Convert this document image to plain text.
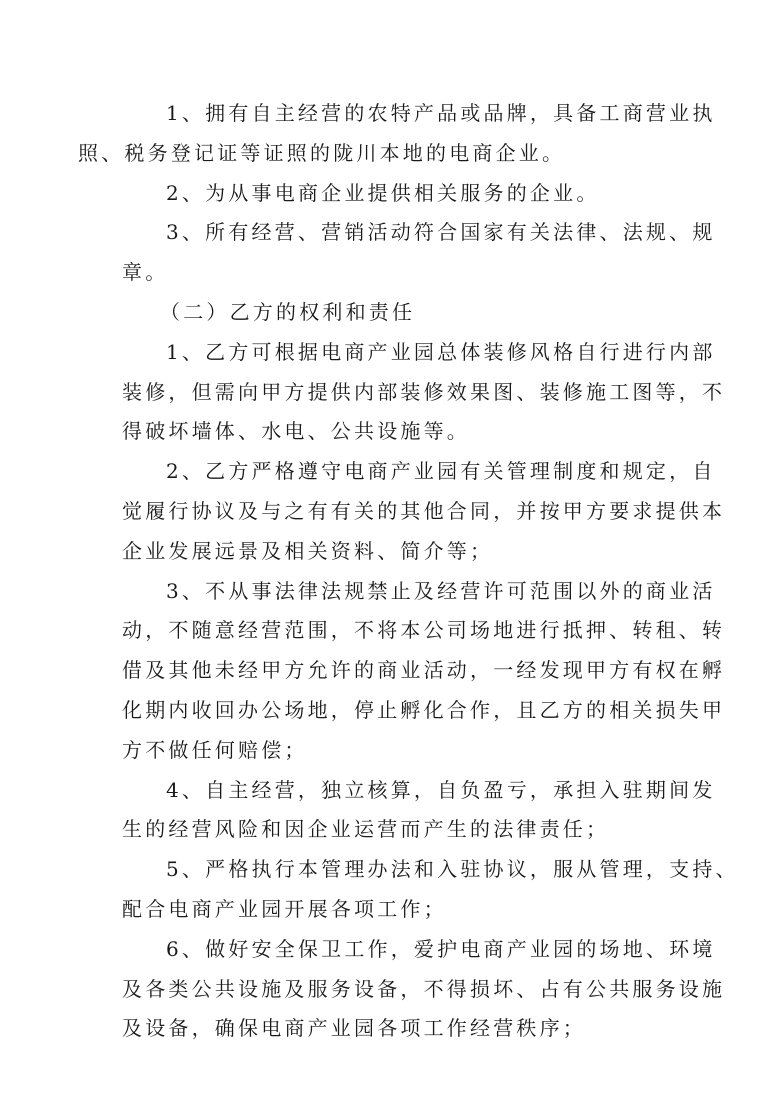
1、拥有自主经营的农特产品或品牌，具备工商营业执
照、税务登记证等证照的陇川本地的电商企业。

2、为从事电商企业提供相关服务的企业。

3、所有经营、营销活动符合国家有关法律、法规、规
章。

（二）乙方的权利和责任

1、乙方可根据电商产业园总体装修风格自行进行内部
装修，但需向甲方提供内部装修效果图、装修施工图等，不
得破坏墙体、水电、公共设施等。

2、乙方严格遵守电商产业园有关管理制度和规定，自
觉履行协议及与之有有关的其他合同，并按甲方要求提供本
企业发展远景及相关资料、简介等；

3、不从事法律法规禁止及经营许可范围以外的商业活
动，不随意经营范围，不将本公司场地进行抵押、转租、转
借及其他未经甲方允许的商业活动，一经发现甲方有权在孵
化期内收回办公场地，停止孵化合作，且乙方的相关损失甲
方不做任何赔偿；

4、自主经营，独立核算，自负盈亏，承担入驻期间发
生的经营风险和因企业运营而产生的法律责任；

5、严格执行本管理办法和入驻协议，服从管理，支持、
配合电商产业园开展各项工作；

6、做好安全保卫工作，爱护电商产业园的场地、环境
及各类公共设施及服务设备，不得损坏、占有公共服务设施
及设备，确保电商产业园各项工作经营秩序；
